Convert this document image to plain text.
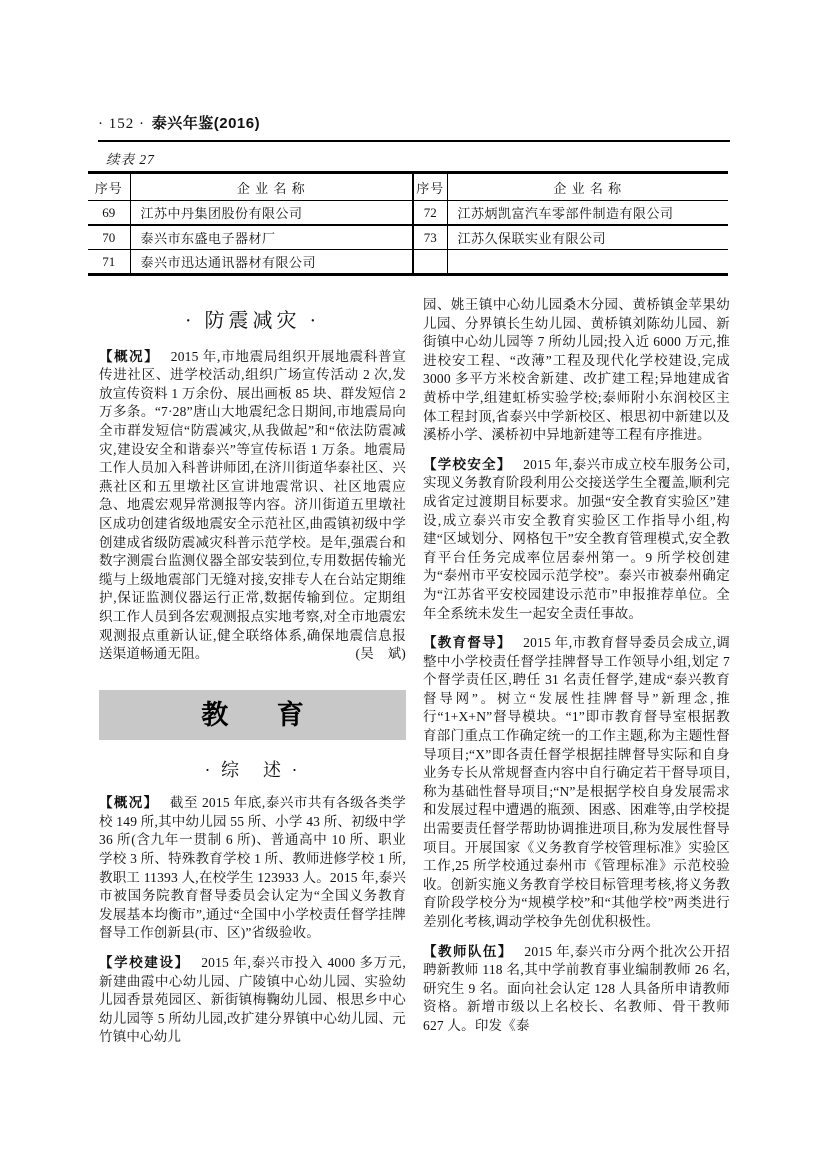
· 152 · 泰兴年鉴(2016)
续表 27
序号	企 业 名 称	序号	企 业 名 称
69	江苏中丹集团股份有限公司	72	江苏炳凯富汽车零部件制造有限公司
70	泰兴市东盛电子器材厂	73	江苏久保联实业有限公司
71	泰兴市迅达通讯器材有限公司		
· 防震减灾 ·

【概况】 2015 年,市地震局组织开展地震科普宣传进社区、进学校活动,组织广场宣传活动 2 次,发放宣传资料 1 万余份、展出画板 85 块、群发短信 2 万多条。“7·28”唐山大地震纪念日期间,市地震局向全市群发短信“防震减灾,从我做起”和“依法防震减灾,建设安全和谐泰兴”等宣传标语 1 万条。地震局工作人员加入科普讲师团,在济川街道华泰社区、兴燕社区和五里墩社区宣讲地震常识、社区地震应急、地震宏观异常测报等内容。济川街道五里墩社区成功创建省级地震安全示范社区,曲霞镇初级中学创建成省级防震减灾科普示范学校。是年,强震台和数字测震台监测仪器全部安装到位,专用数据传输光缆与上级地震部门无缝对接,安排专人在台站定期维护,保证监测仪器运行正常,数据传输到位。定期组织工作人员到各宏观测报点实地考察,对全市地震宏观测报点重新认证,健全联络体系,确保地震信息报送渠道畅通无阻。	(吴　斌)

教育
· 综　述 ·

【概况】 截至 2015 年底,泰兴市共有各级各类学校 149 所,其中幼儿园 55 所、小学 43 所、初级中学 36 所(含九年一贯制 6 所)、普通高中 10 所、职业学校 3 所、特殊教育学校 1 所、教师进修学校 1 所,教职工 11393 人,在校学生 123933 人。2015 年,泰兴市被国务院教育督导委员会认定为“全国义务教育发展基本均衡市”,通过“全国中小学校责任督学挂牌督导工作创新县(市、区)”省级验收。

【学校建设】 2015 年,泰兴市投入 4000 多万元,新建曲霞中心幼儿园、广陵镇中心幼儿园、实验幼儿园香景苑园区、新街镇梅鞠幼儿园、根思乡中心幼儿园等 5 所幼儿园,改扩建分界镇中心幼儿园、元竹镇中心幼儿

园、姚王镇中心幼儿园桑木分园、黄桥镇金苹果幼儿园、分界镇长生幼儿园、黄桥镇刘陈幼儿园、新街镇中心幼儿园等 7 所幼儿园;投入近 6000 万元,推进校安工程、“改薄”工程及现代化学校建设,完成 3000 多平方米校舍新建、改扩建工程;异地建成省黄桥中学,组建虹桥实验学校;泰师附小东润校区主体工程封顶,省泰兴中学新校区、根思初中新建以及溪桥小学、溪桥初中异地新建等工程有序推进。

【学校安全】 2015 年,泰兴市成立校车服务公司,实现义务教育阶段利用公交接送学生全覆盖,顺利完成省定过渡期目标要求。加强“安全教育实验区”建设,成立泰兴市安全教育实验区工作指导小组,构建“区域划分、网格包干”安全教育管理模式,安全教育平台任务完成率位居泰州第一。9 所学校创建为“泰州市平安校园示范学校”。泰兴市被泰州确定为“江苏省平安校园建设示范市”申报推荐单位。全年全系统未发生一起安全责任事故。

【教育督导】 2015 年,市教育督导委员会成立,调整中小学校责任督学挂牌督导工作领导小组,划定 7 个督学责任区,聘任 31 名责任督学,建成“泰兴教育督导网”。树立“发展性挂牌督导”新理念,推行“1+X+N”督导模块。“1”即市教育督导室根据教育部门重点工作确定统一的工作主题,称为主题性督导项目;“X”即各责任督学根据挂牌督导实际和自身业务专长从常规督查内容中自行确定若干督导项目,称为基础性督导项目;“N”是根据学校自身发展需求和发展过程中遭遇的瓶颈、困惑、困难等,由学校提出需要责任督学帮助协调推进项目,称为发展性督导项目。开展国家《义务教育学校管理标准》实验区工作,25 所学校通过泰州市《管理标准》示范校验收。创新实施义务教育学校目标管理考核,将义务教育阶段学校分为“规模学校”和“其他学校”两类进行差别化考核,调动学校争先创优积极性。

【教师队伍】 2015 年,泰兴市分两个批次公开招聘新教师 118 名,其中学前教育事业编制教师 26 名,研究生 9 名。面向社会认定 128 人具备所申请教师资格。新增市级以上名校长、名教师、骨干教师 627 人。印发《泰
